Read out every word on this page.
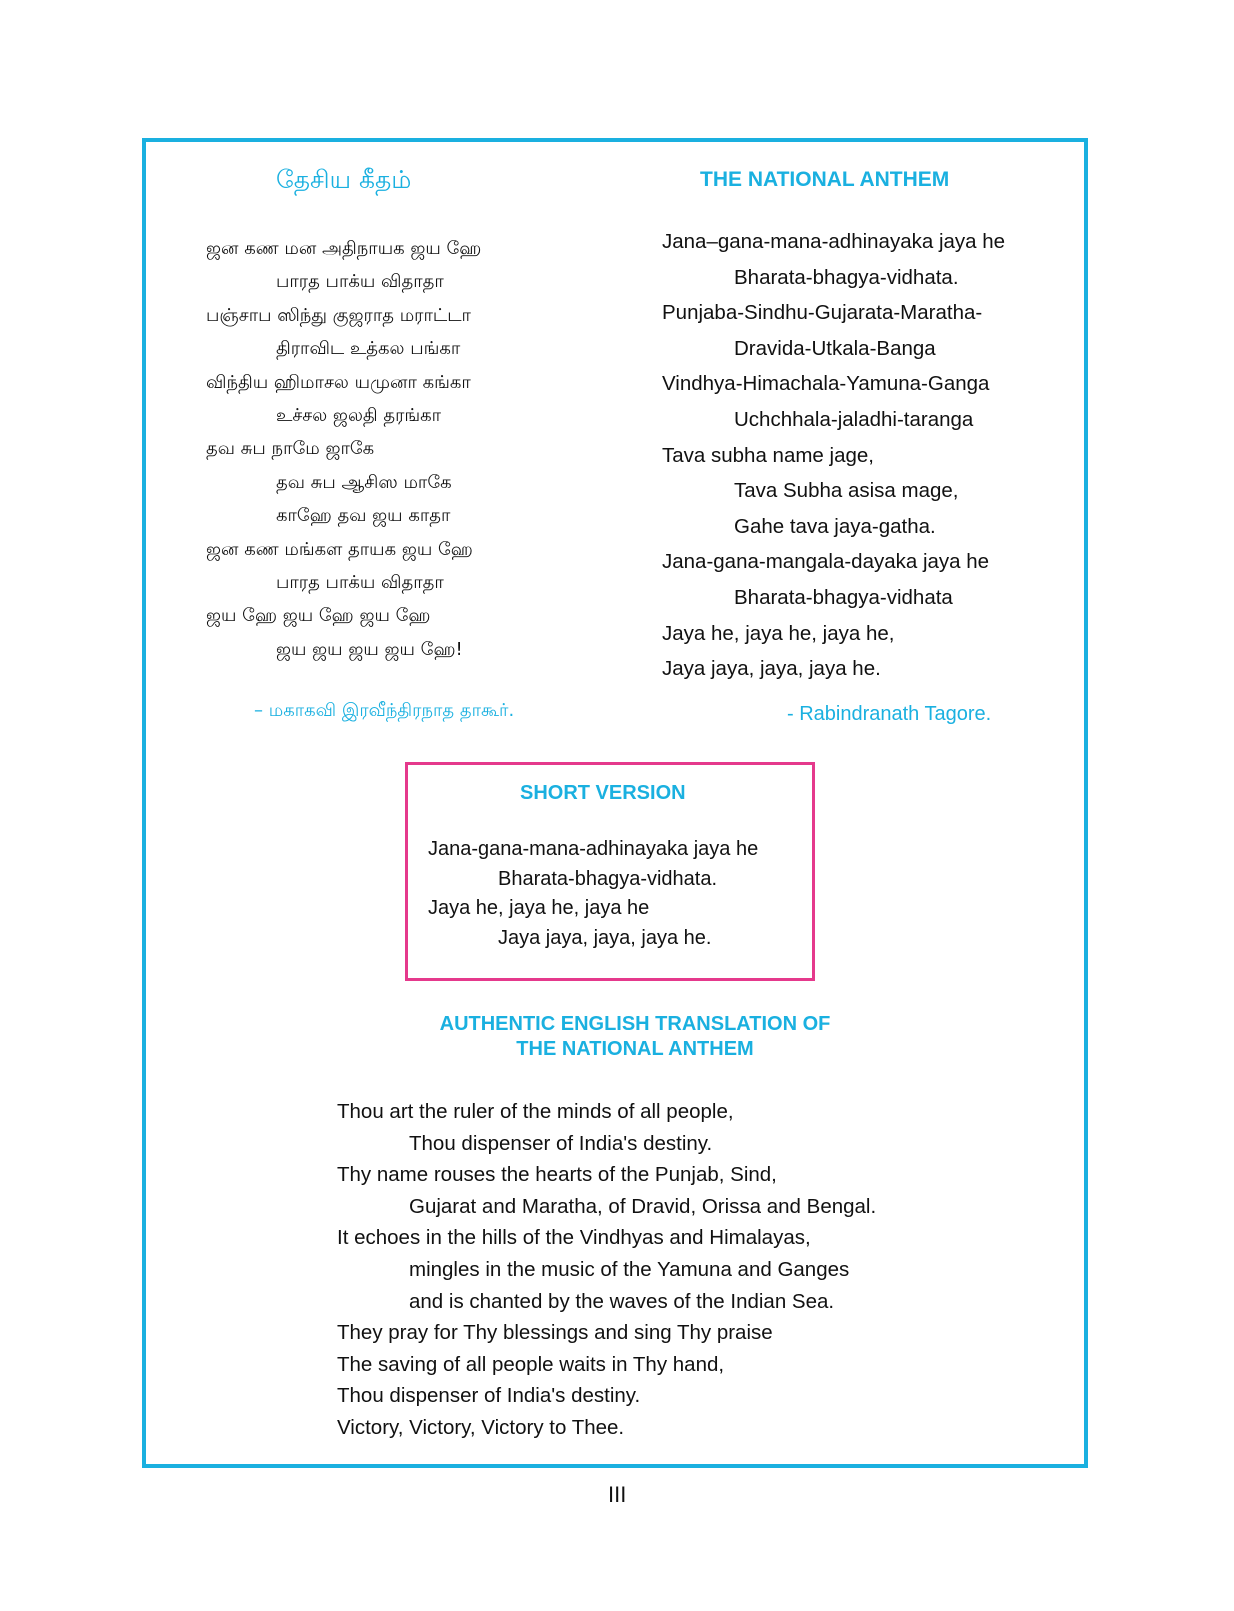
தேசிய கீதம்	THE NATIONAL ANTHEM
ஜன கண மன அதிநாயக ஜய ஹே
பாரத பாக்ய விதாதா
பஞ்சாப ஸிந்து குஜராத மராட்டா
திராவிட உத்கல பங்கா
விந்திய ஹிமாசல யமுனா கங்கா
உச்சல ஜலதி தரங்கா
தவ சுப நாமே ஜாகே
தவ சுப ஆசிஸ மாகே
காஹே தவ ஜய காதா
ஜன கண மங்கள தாயக ஜய ஹே
பாரத பாக்ய விதாதா
ஜய ஹே ஜய ஹே ஜய ஹே
ஜய ஜய ஜய ஜய ஹே!
Jana–gana-mana-adhinayaka jaya he
Bharata-bhagya-vidhata.
Punjaba-Sindhu-Gujarata-Maratha-
Dravida-Utkala-Banga
Vindhya-Himachala-Yamuna-Ganga
Uchchhala-jaladhi-taranga
Tava subha name jage,
Tava Subha asisa mage,
Gahe tava jaya-gatha.
Jana-gana-mangala-dayaka jaya he
Bharata-bhagya-vidhata
Jaya he, jaya he, jaya he,
Jaya jaya, jaya, jaya he.
– மகாகவி இரவீந்திரநாத தாகூர்.	- Rabindranath Tagore.
SHORT VERSION
Jana-gana-mana-adhinayaka jaya he
Bharata-bhagya-vidhata.
Jaya he, jaya he, jaya he
Jaya jaya, jaya, jaya he.
AUTHENTIC ENGLISH TRANSLATION OF
THE NATIONAL ANTHEM
Thou art the ruler of the minds of all people,
Thou dispenser of India's destiny.
Thy name rouses the hearts of the Punjab, Sind,
Gujarat and Maratha, of Dravid, Orissa and Bengal.
It echoes in the hills of the Vindhyas and Himalayas,
mingles in the music of the Yamuna and Ganges
and is chanted by the waves of the Indian Sea.
They pray for Thy blessings and sing Thy praise
The saving of all people waits in Thy hand,
Thou dispenser of India's destiny.
Victory, Victory, Victory to Thee.
III
